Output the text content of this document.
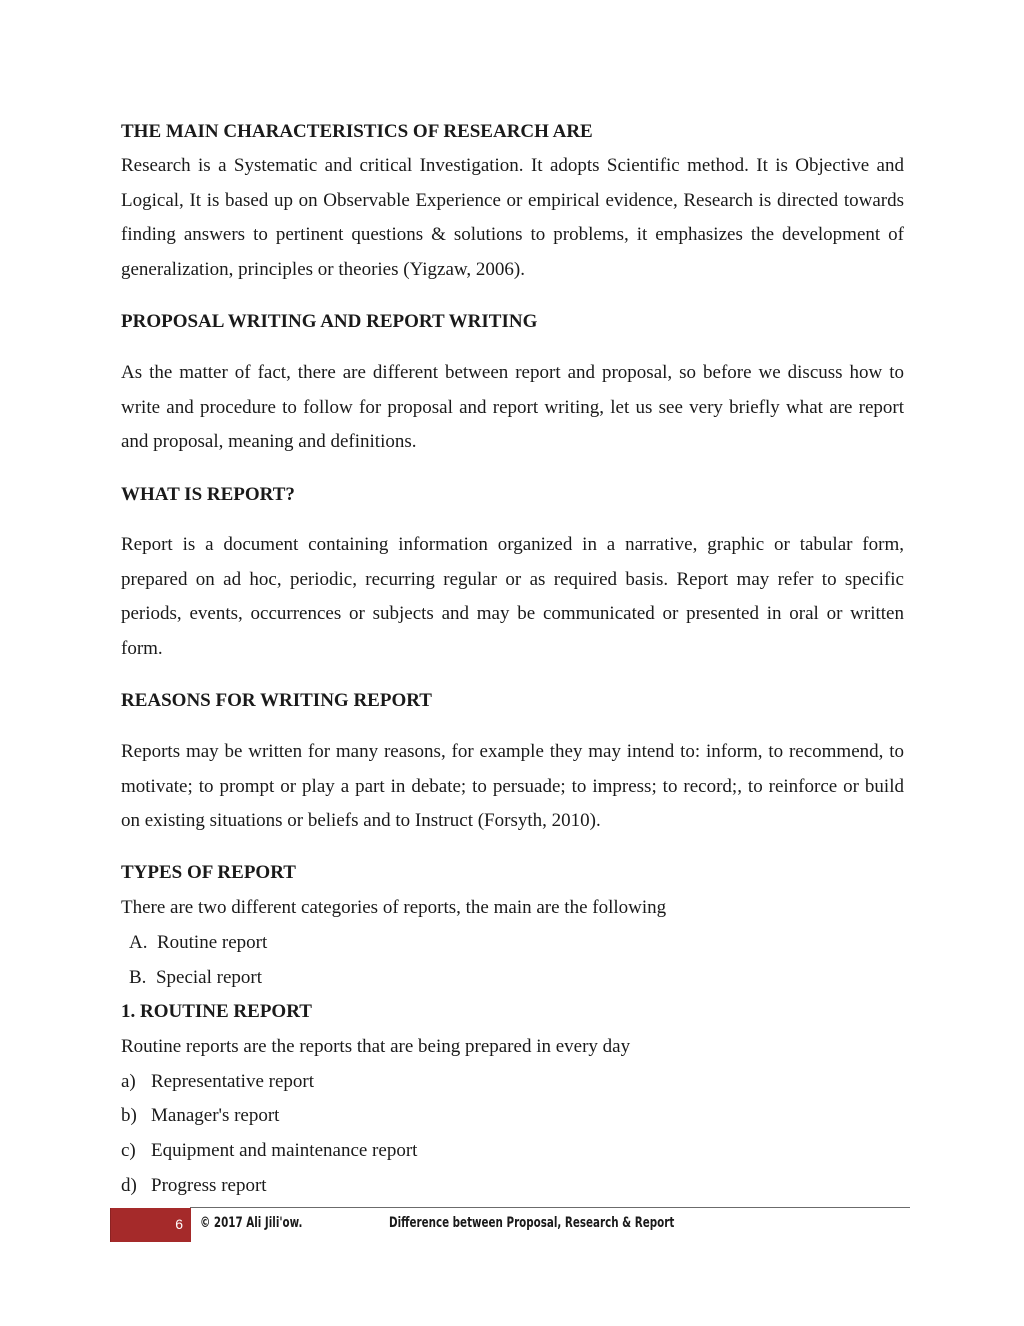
THE MAIN CHARACTERISTICS OF RESEARCH ARE
Research is a Systematic and critical Investigation. It adopts Scientific method. It is Objective and Logical, It is based up on Observable Experience or empirical evidence, Research is directed towards finding answers to pertinent questions & solutions to problems, it emphasizes the development of generalization, principles or theories (Yigzaw, 2006).
PROPOSAL WRITING AND REPORT WRITING
As the matter of fact, there are different between report and proposal, so before we discuss how to write and procedure to follow for proposal and report writing, let us see very briefly what are report and proposal, meaning and definitions.
WHAT IS REPORT?
Report is a document containing information organized in a narrative, graphic or tabular form, prepared on ad hoc, periodic, recurring regular or as required basis. Report may refer to specific periods, events, occurrences or subjects and may be communicated or presented in oral or written form.
REASONS FOR WRITING REPORT
Reports may be written for many reasons, for example they may intend to: inform, to recommend, to motivate; to prompt or play a part in debate; to persuade; to impress; to record;, to reinforce or build on existing situations or beliefs and to Instruct (Forsyth, 2010).
TYPES OF REPORT
There are two different categories of reports, the main are the following
A. Routine report
B. Special report
1. ROUTINE REPORT
Routine reports are the reports that are being prepared in every day
a) Representative report
b) Manager's report
c) Equipment and maintenance report
d) Progress report
6 © 2017 Ali Jili'ow.	Difference between Proposal, Research & Report
